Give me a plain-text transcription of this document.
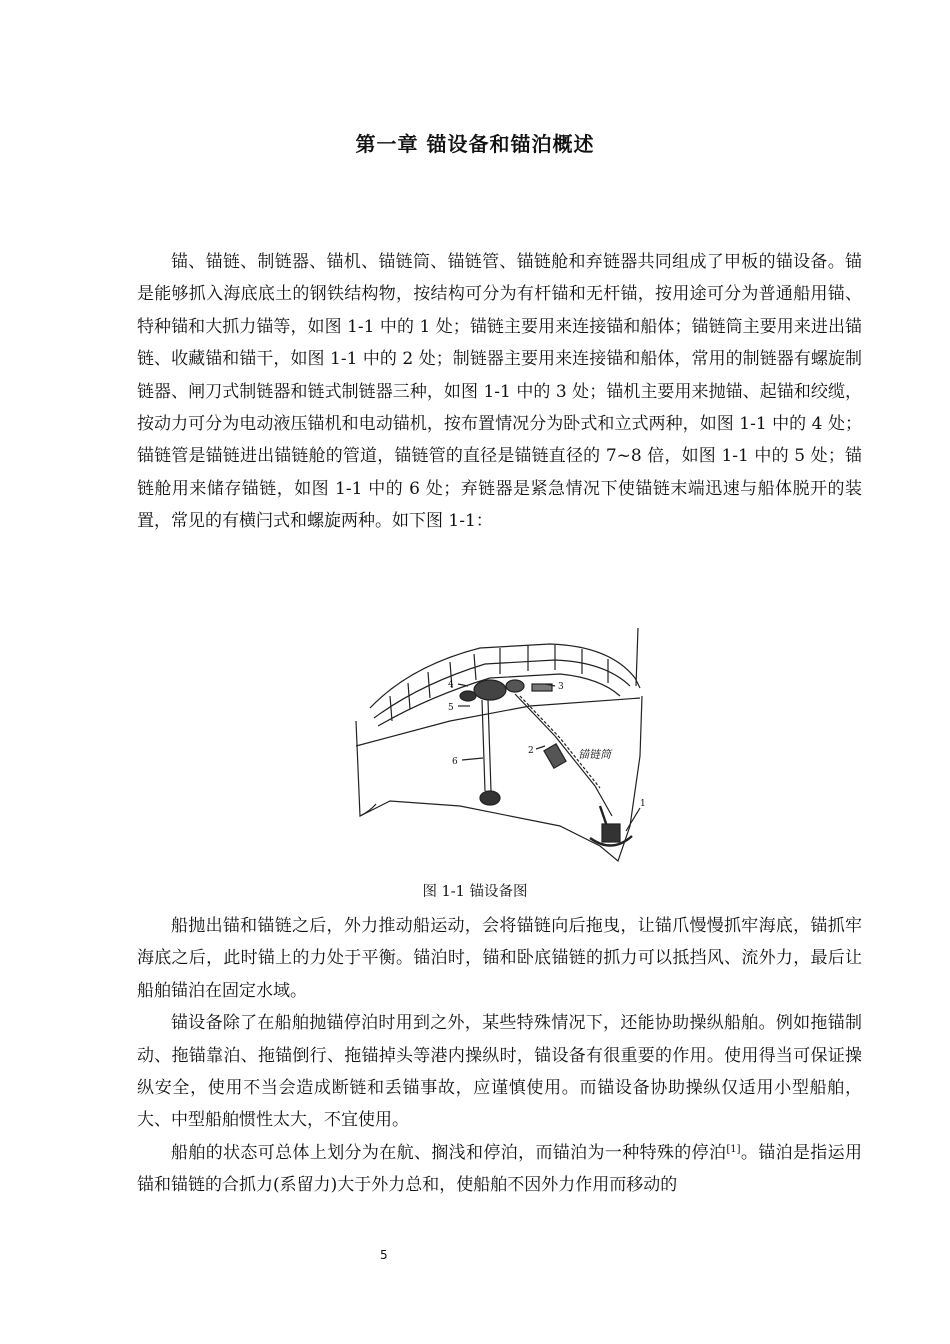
第一章 锚设备和锚泊概述

锚、锚链、制链器、锚机、锚链筒、锚链管、锚链舱和弃链器共同组成了甲板的锚设备。锚是能够抓入海底底土的钢铁结构物，按结构可分为有杆锚和无杆锚，按用途可分为普通船用锚、特种锚和大抓力锚等，如图 1-1 中的 1 处；锚链主要用来连接锚和船体；锚链筒主要用来进出锚链、收藏锚和锚干，如图 1-1 中的 2 处；制链器主要用来连接锚和船体，常用的制链器有螺旋制链器、闸刀式制链器和链式制链器三种，如图 1-1 中的 3 处；锚机主要用来抛锚、起锚和绞缆，按动力可分为电动液压锚机和电动锚机，按布置情况分为卧式和立式两种，如图 1-1 中的 4 处；锚链管是锚链进出锚链舱的管道，锚链管的直径是锚链直径的 7~8 倍，如图 1-1 中的 5 处；锚链舱用来储存锚链，如图 1-1 中的 6 处；弃链器是紧急情况下使锚链末端迅速与船体脱开的装置，常见的有横闩式和螺旋两种。如下图 1-1：

4
5
3
2
6
1
锚链筒
图 1-1 锚设备图

船抛出锚和锚链之后，外力推动船运动，会将锚链向后拖曳，让锚爪慢慢抓牢海底，锚抓牢海底之后，此时锚上的力处于平衡。锚泊时，锚和卧底锚链的抓力可以抵挡风、流外力，最后让船舶锚泊在固定水域。

锚设备除了在船舶抛锚停泊时用到之外，某些特殊情况下，还能协助操纵船舶。例如拖锚制动、拖锚靠泊、拖锚倒行、拖锚掉头等港内操纵时，锚设备有很重要的作用。使用得当可保证操纵安全，使用不当会造成断链和丢锚事故，应谨慎使用。而锚设备协助操纵仅适用小型船舶，大、中型船舶惯性太大，不宜使用。

船舶的状态可总体上划分为在航、搁浅和停泊，而锚泊为一种特殊的停泊[1]。锚泊是指运用锚和锚链的合抓力(系留力)大于外力总和，使船舶不因外力作用而移动的

5
